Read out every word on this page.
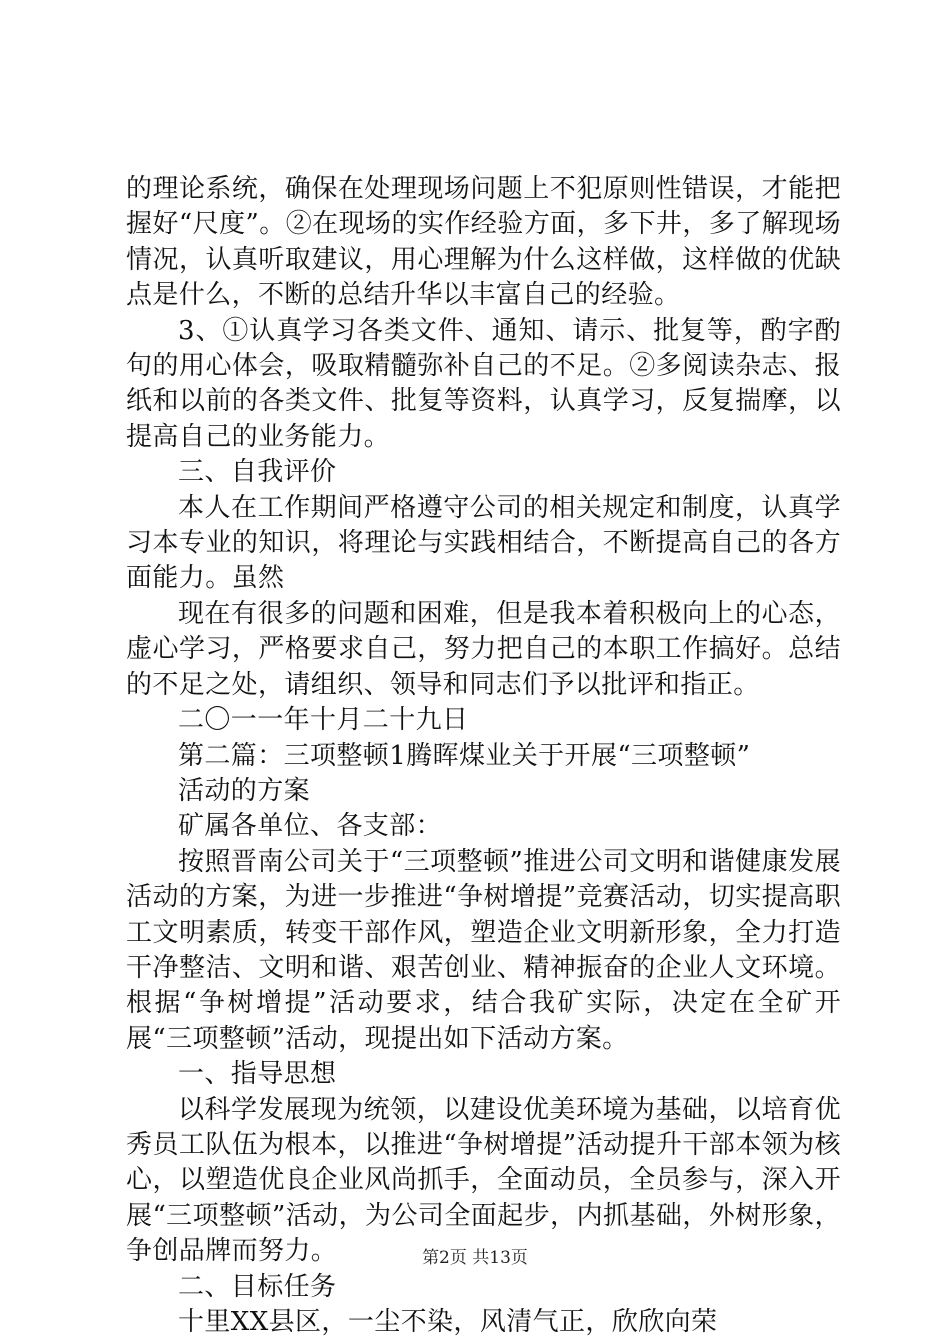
的理论系统，确保在处理现场问题上不犯原则性错误，才能把握好“尺度”。②在现场的实作经验方面，多下井，多了解现场情况，认真听取建议，用心理解为什么这样做，这样做的优缺点是什么，不断的总结升华以丰富自己的经验。

3、①认真学习各类文件、通知、请示、批复等，酌字酌句的用心体会，吸取精髓弥补自己的不足。②多阅读杂志、报纸和以前的各类文件、批复等资料，认真学习，反复揣摩，以提高自己的业务能力。

三、自我评价

本人在工作期间严格遵守公司的相关规定和制度，认真学习本专业的知识，将理论与实践相结合，不断提高自己的各方面能力。虽然

现在有很多的问题和困难，但是我本着积极向上的心态，虚心学习，严格要求自己，努力把自己的本职工作搞好。总结的不足之处，请组织、领导和同志们予以批评和指正。

二〇一一年十月二十九日

第二篇：三项整顿1腾晖煤业关于开展“三项整顿”

活动的方案

矿属各单位、各支部：

按照晋南公司关于“三项整顿”推进公司文明和谐健康发展活动的方案，为进一步推进“争树增提”竞赛活动，切实提高职工文明素质，转变干部作风，塑造企业文明新形象，全力打造干净整洁、文明和谐、艰苦创业、精神振奋的企业人文环境。根据“争树增提”活动要求，结合我矿实际，决定在全矿开展“三项整顿”活动，现提出如下活动方案。

一、指导思想

以科学发展现为统领，以建设优美环境为基础，以培育优秀员工队伍为根本，以推进“争树增提”活动提升干部本领为核心，以塑造优良企业风尚抓手，全面动员，全员参与，深入开展“三项整顿”活动，为公司全面起步，内抓基础，外树形象，争创品牌而努力。

二、目标任务

十里XX县区，一尘不染，风清气正，欣欣向荣

第2页 共13页
